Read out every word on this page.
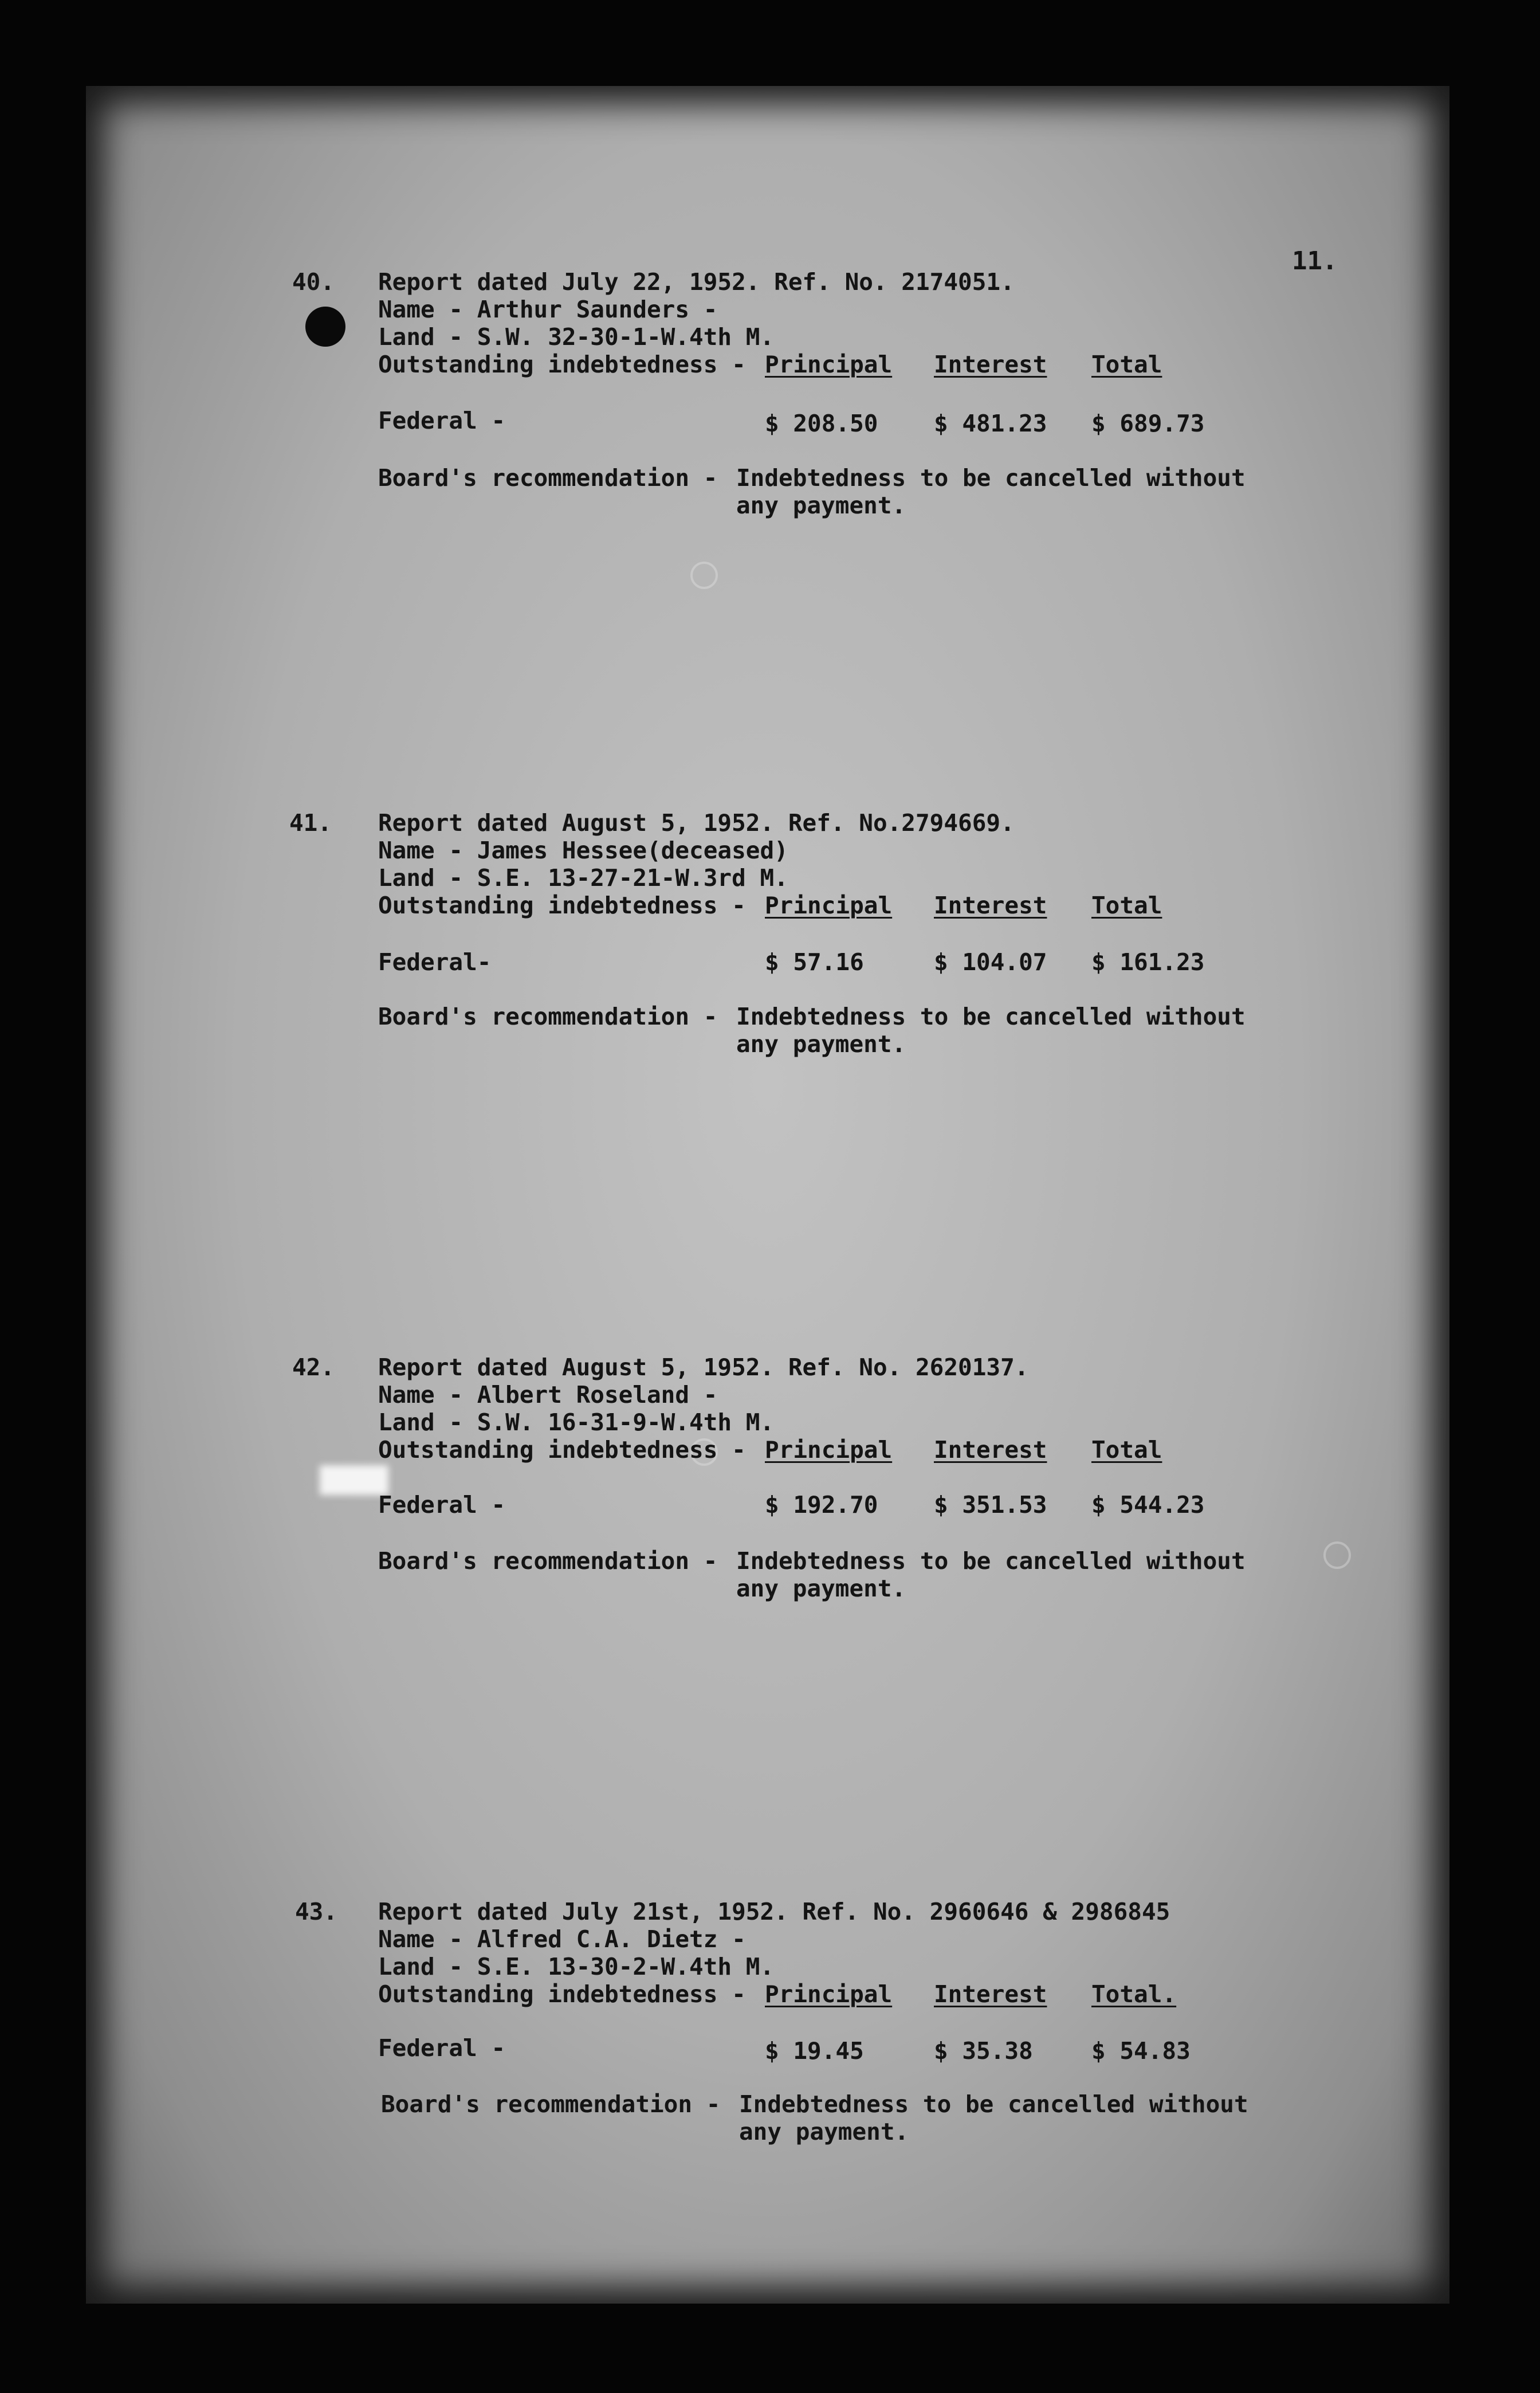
11.
40. Report dated July 22, 1952. Ref. No. 2174051.
Name - Arthur Saunders -
Land - S.W. 32-30-1-W.4th M.
Outstanding indebtedness - Principal Interest Total
Federal -	$ 208.50 $ 481.23 $ 689.73
Board's recommendation - Indebtedness to be cancelled without
any payment.
41. Report dated August 5, 1952. Ref. No.2794669.
Name - James Hessee(deceased)
Land - S.E. 13-27-21-W.3rd M.
Outstanding indebtedness - Principal Interest Total
Federal-	$ 57.16	$ 104.07 $ 161.23
Board's recommendation - Indebtedness to be cancelled without
any payment.
42. Report dated August 5, 1952. Ref. No. 2620137.
Name - Albert Roseland -
Land - S.W. 16-31-9-W.4th M.
Outstanding indebtedness - Principal Interest Total
Federal -	$ 192.70 $ 351.53 $ 544.23
Board's recommendation - Indebtedness to be cancelled without
any payment.
43. Report dated July 21st, 1952. Ref. No. 2960646 & 2986845
Name - Alfred C.A. Dietz -
Land - S.E. 13-30-2-W.4th M.
Outstanding indebtedness - Principal Interest Total.
Federal -	$ 19.45	$ 35.38 $ 54.83
Board's recommendation - Indebtedness to be cancelled without
any payment.
